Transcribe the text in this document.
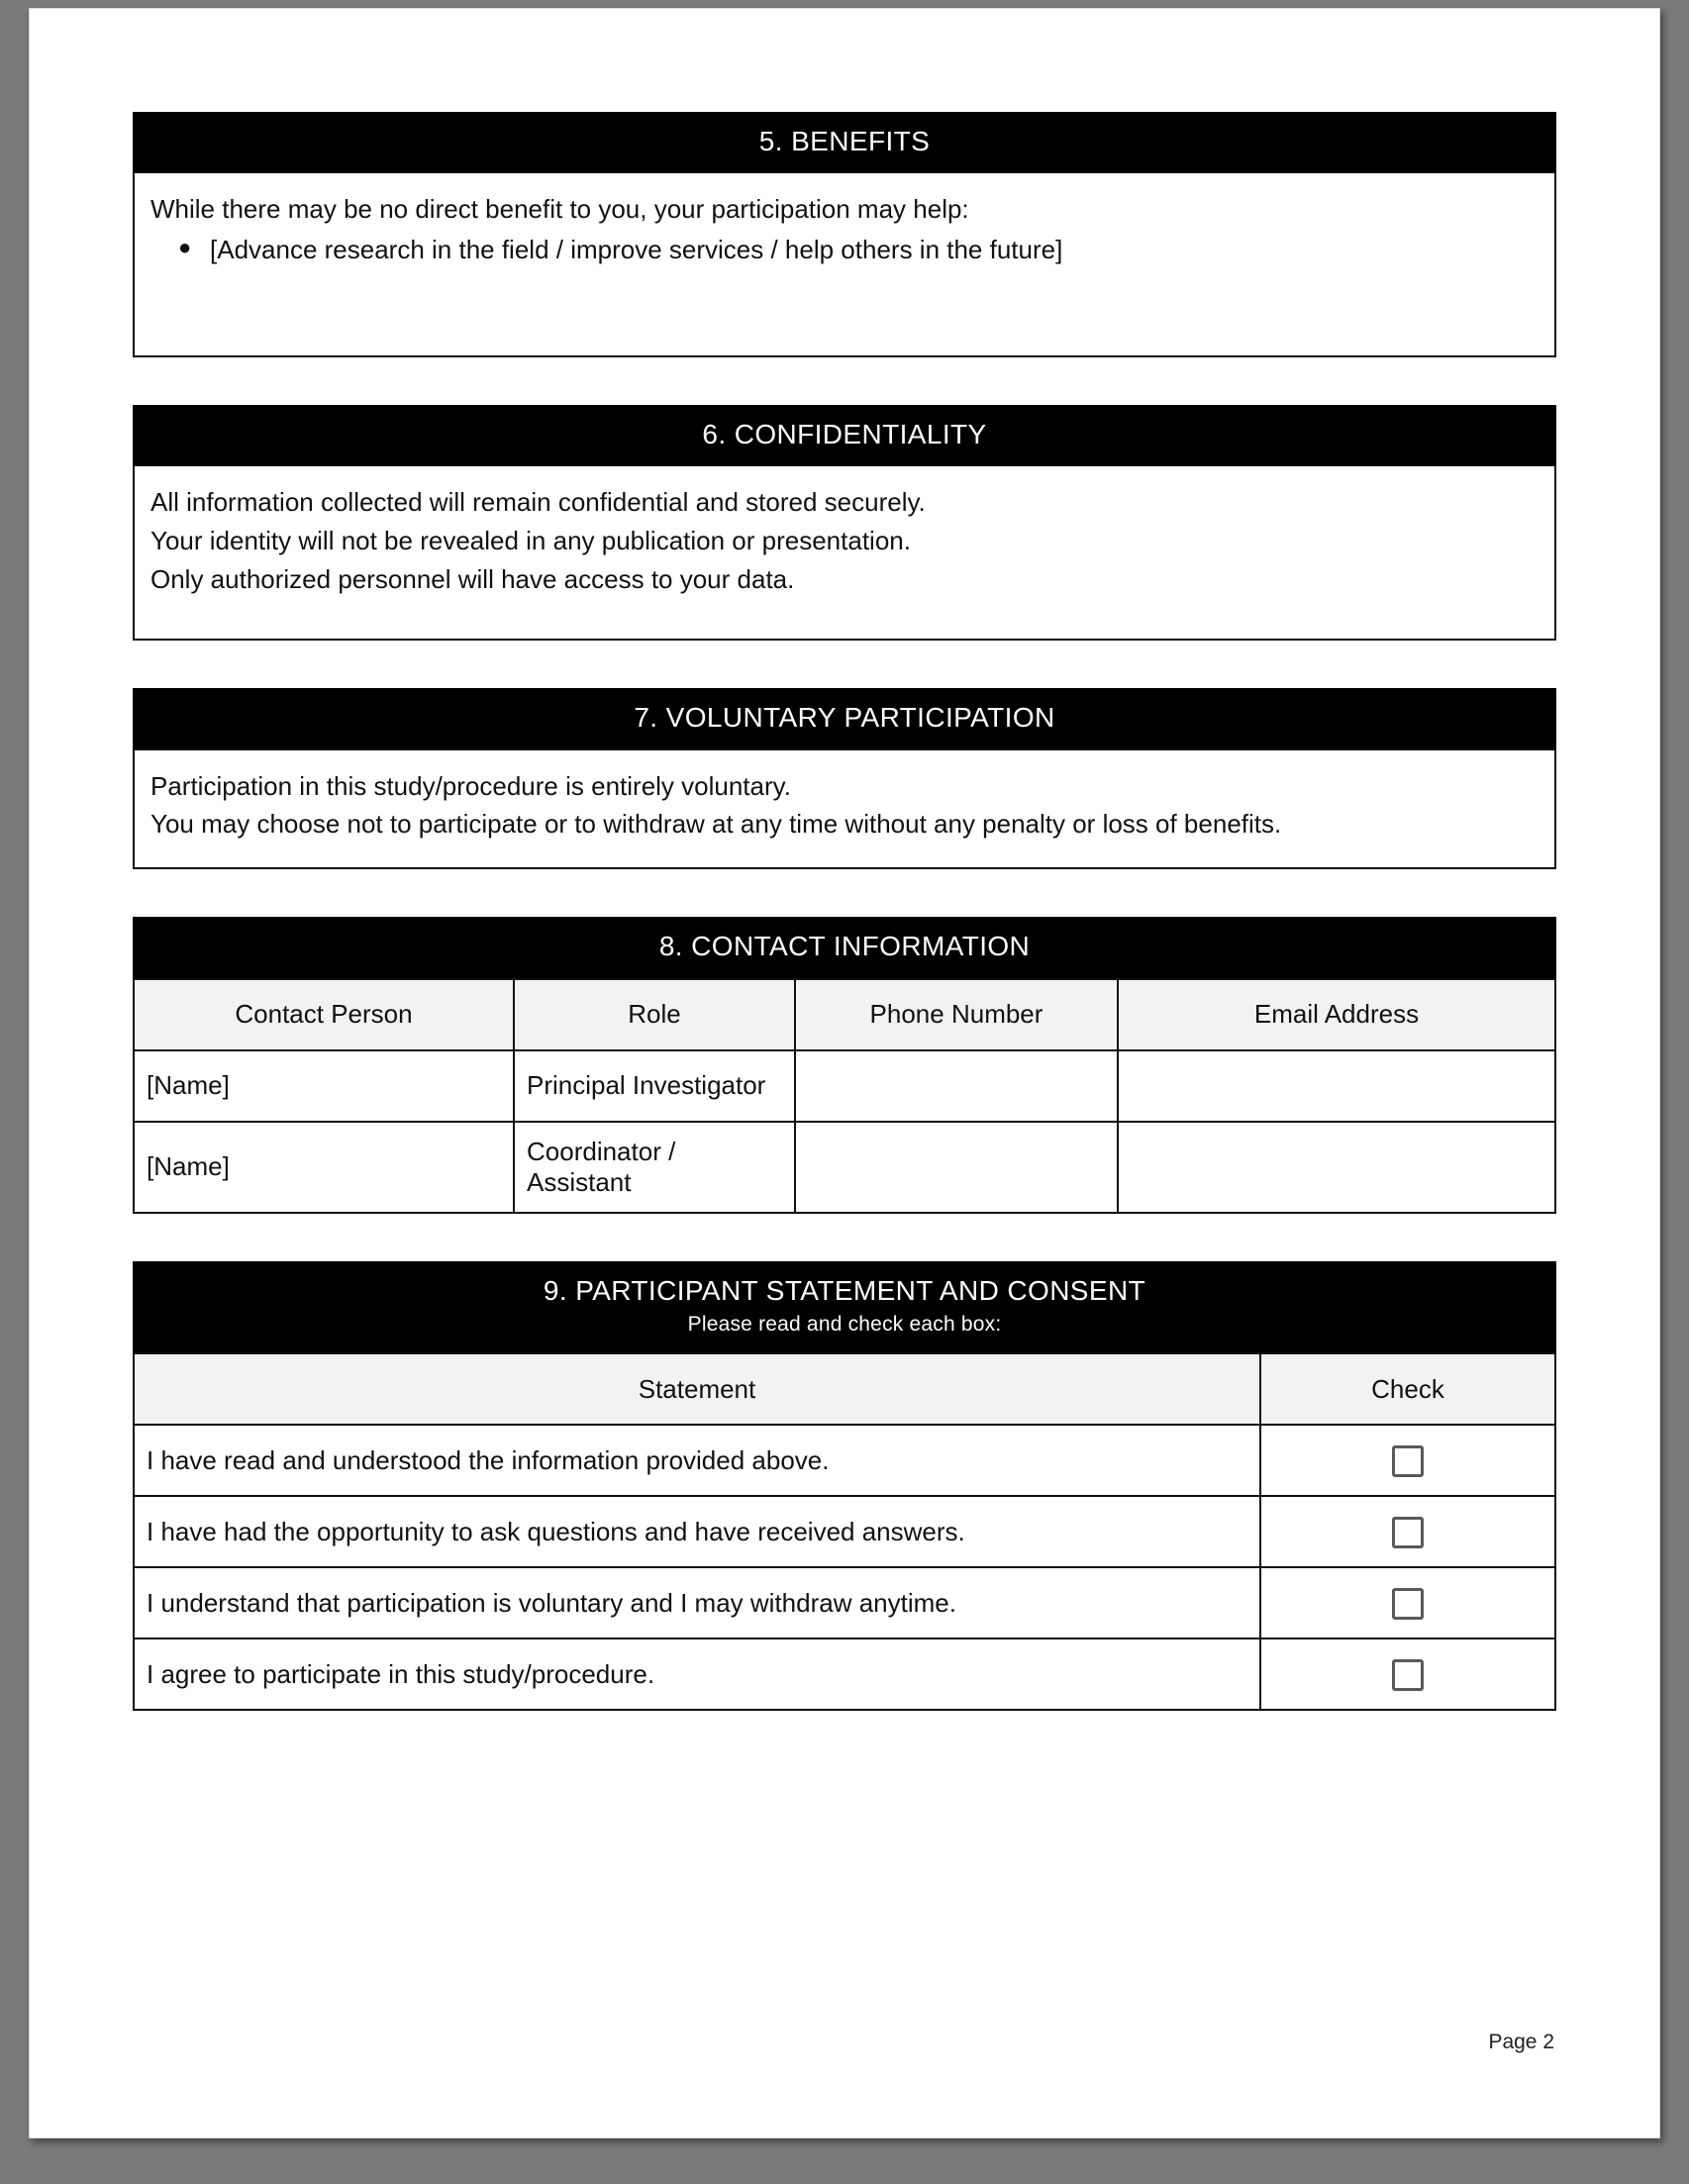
5. BENEFITS

While there may be no direct benefit to you, your participation may help:

● [Advance research in the field / improve services / help others in the future]
6. CONFIDENTIALITY

All information collected will remain confidential and stored securely.

Your identity will not be revealed in any publication or presentation.

Only authorized personnel will have access to your data.

7. VOLUNTARY PARTICIPATION

Participation in this study/procedure is entirely voluntary.

You may choose not to participate or to withdraw at any time without any penalty or loss of benefits.

8. CONTACT INFORMATION
Contact Person	Role	Phone Number	Email Address
[Name]	Principal Investigator		
[Name]	Coordinator / Assistant		
9. PARTICIPANT STATEMENT AND CONSENT
Please read and check each box:
Statement	Check
I have read and understood the information provided above.	
I have had the opportunity to ask questions and have received answers.	
I understand that participation is voluntary and I may withdraw anytime.	
I agree to participate in this study/procedure.	
Page 2
